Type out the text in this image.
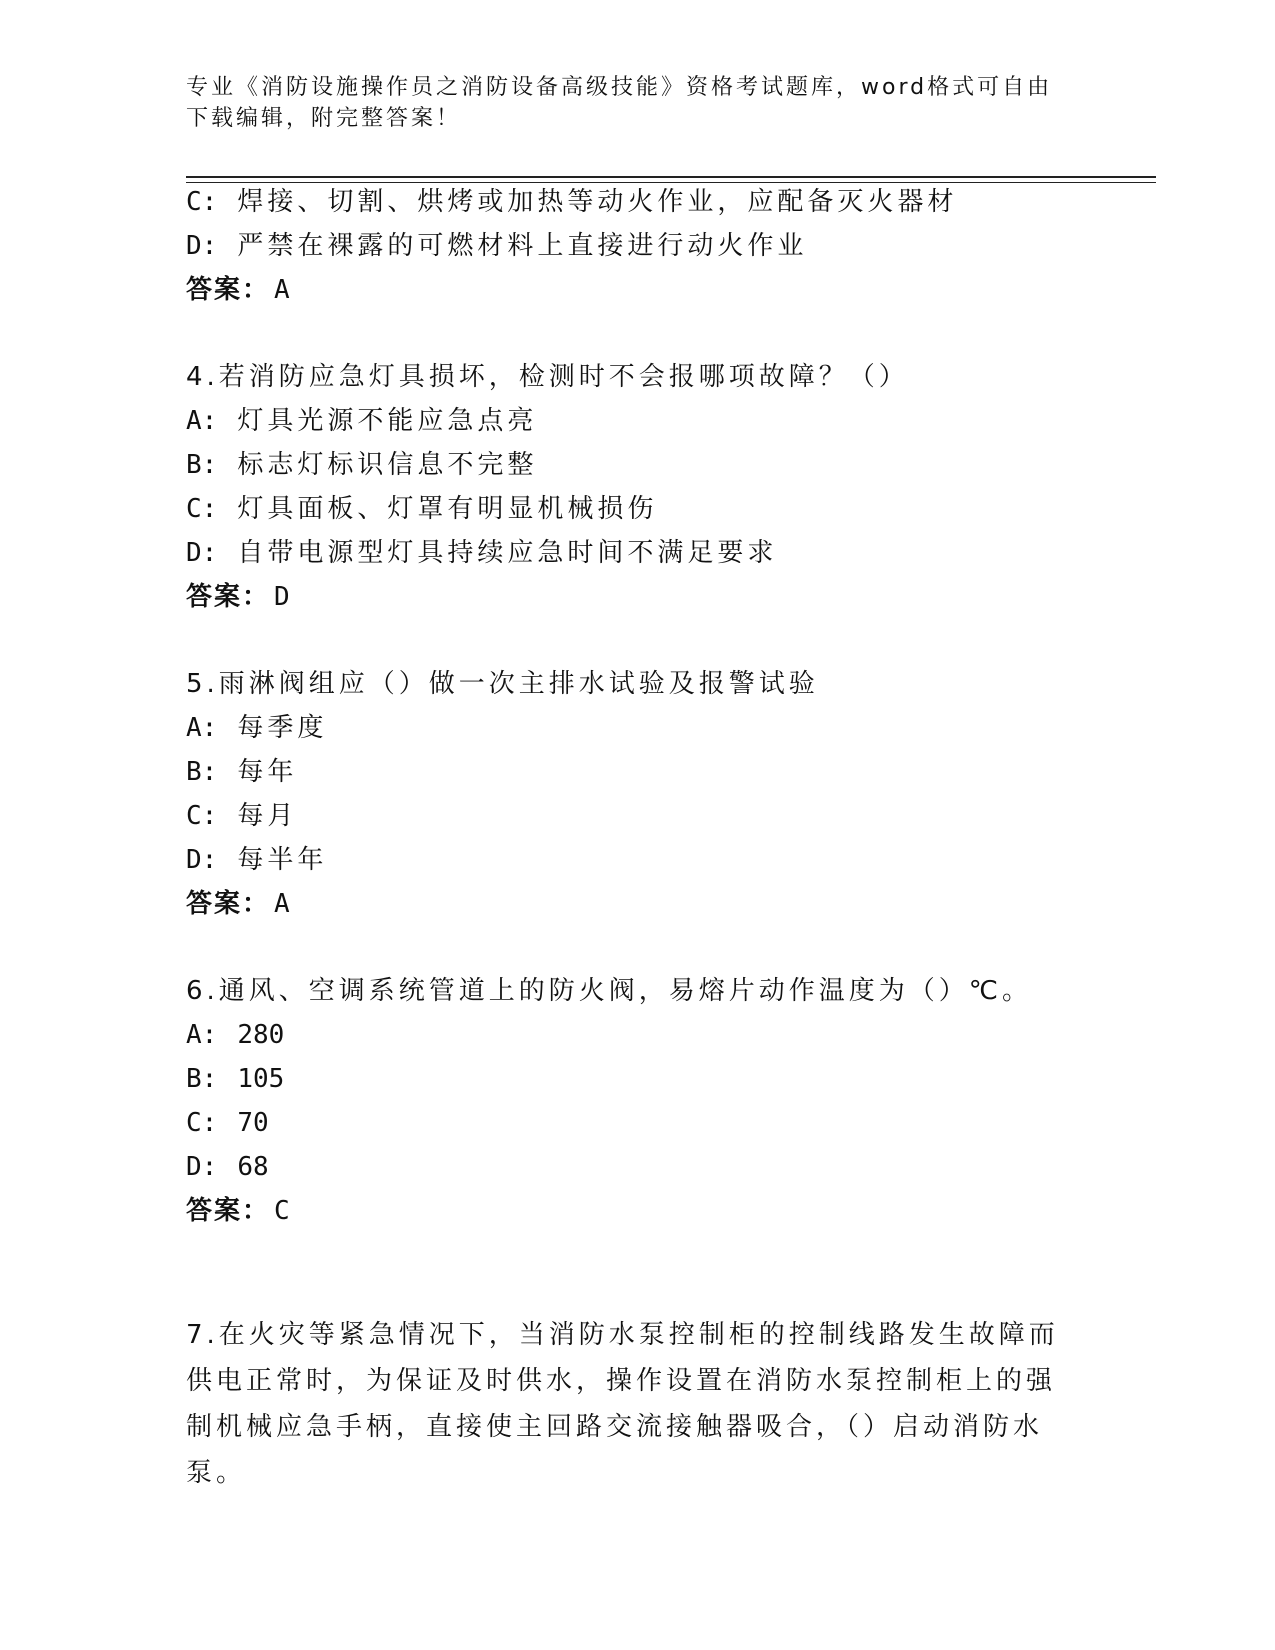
专业《消防设施操作员之消防设备高级技能》资格考试题库，word格式可自由下载编辑，附完整答案！
C: 焊接、切割、烘烤或加热等动火作业，应配备灭火器材
D: 严禁在裸露的可燃材料上直接进行动火作业
答案： A
4.若消防应急灯具损坏，检测时不会报哪项故障？（）
A: 灯具光源不能应急点亮
B: 标志灯标识信息不完整
C: 灯具面板、灯罩有明显机械损伤
D: 自带电源型灯具持续应急时间不满足要求
答案： D
5.雨淋阀组应（）做一次主排水试验及报警试验
A: 每季度
B: 每年
C: 每月
D: 每半年
答案： A
6.通风、空调系统管道上的防火阀，易熔片动作温度为（）℃。
A: 280
B: 105
C: 70
D: 68
答案： C
7.在火灾等紧急情况下，当消防水泵控制柜的控制线路发生故障而供电正常时，为保证及时供水，操作设置在消防水泵控制柜上的强制机械应急手柄，直接使主回路交流接触器吸合，（）启动消防水泵。
